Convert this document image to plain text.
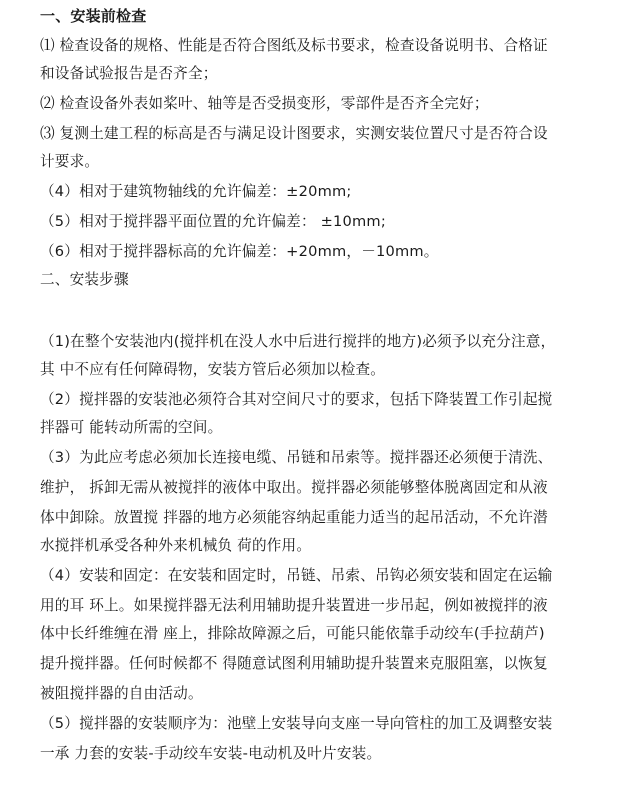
一、安装前检查
⑴ 检查设备的规格、性能是否符合图纸及标书要求，检查设备说明书、合格证
和设备试验报告是否齐全；
⑵ 检查设备外表如桨叶、轴等是否受损变形，零部件是否齐全完好；
⑶ 复测土建工程的标高是否与满足设计图要求，实测安装位置尺寸是否符合设
计要求。
（4）相对于建筑物轴线的允许偏差：±20mm;
（5）相对于搅拌器平面位置的允许偏差： ±10mm;
（6）相对于搅拌器标高的允许偏差：+20mm，－10mm。
二、安装步骤
（1)在整个安装池内(搅拌机在没人水中后进行搅拌的地方)必须予以充分注意，
其 中不应有任何障碍物，安装方管后必须加以检查。
（2）搅拌器的安装池必须符合其对空间尺寸的要求，包括下降装置工作引起搅
拌器可 能转动所需的空间。
（3）为此应考虑必须加长连接电缆、吊链和吊索等。搅拌器还必须便于清洗、
维护， 拆卸无需从被搅拌的液体中取出。搅拌器必须能够整体脱离固定和从液
体中卸除。放置搅 拌器的地方必须能容纳起重能力适当的起吊活动，不允许潜
水搅拌机承受各种外来机械负 荷的作用。
（4）安装和固定：在安装和固定时，吊链、吊索、吊钩必须安装和固定在运输
用的耳 环上。如果搅拌器无法利用辅助提升装置进一步吊起，例如被搅拌的液
体中长纤维缠在滑 座上，排除故障源之后，可能只能依靠手动绞车(手拉葫芦)
提升搅拌器。任何时候都不 得随意试图利用辅助提升装置来克服阻塞，以恢复
被阻搅拌器的自由活动。
（5）搅拌器的安装顺序为：池壁上安装导向支座一导向管柱的加工及调整安装
一承 力套的安装-手动绞车安装-电动机及叶片安装。
